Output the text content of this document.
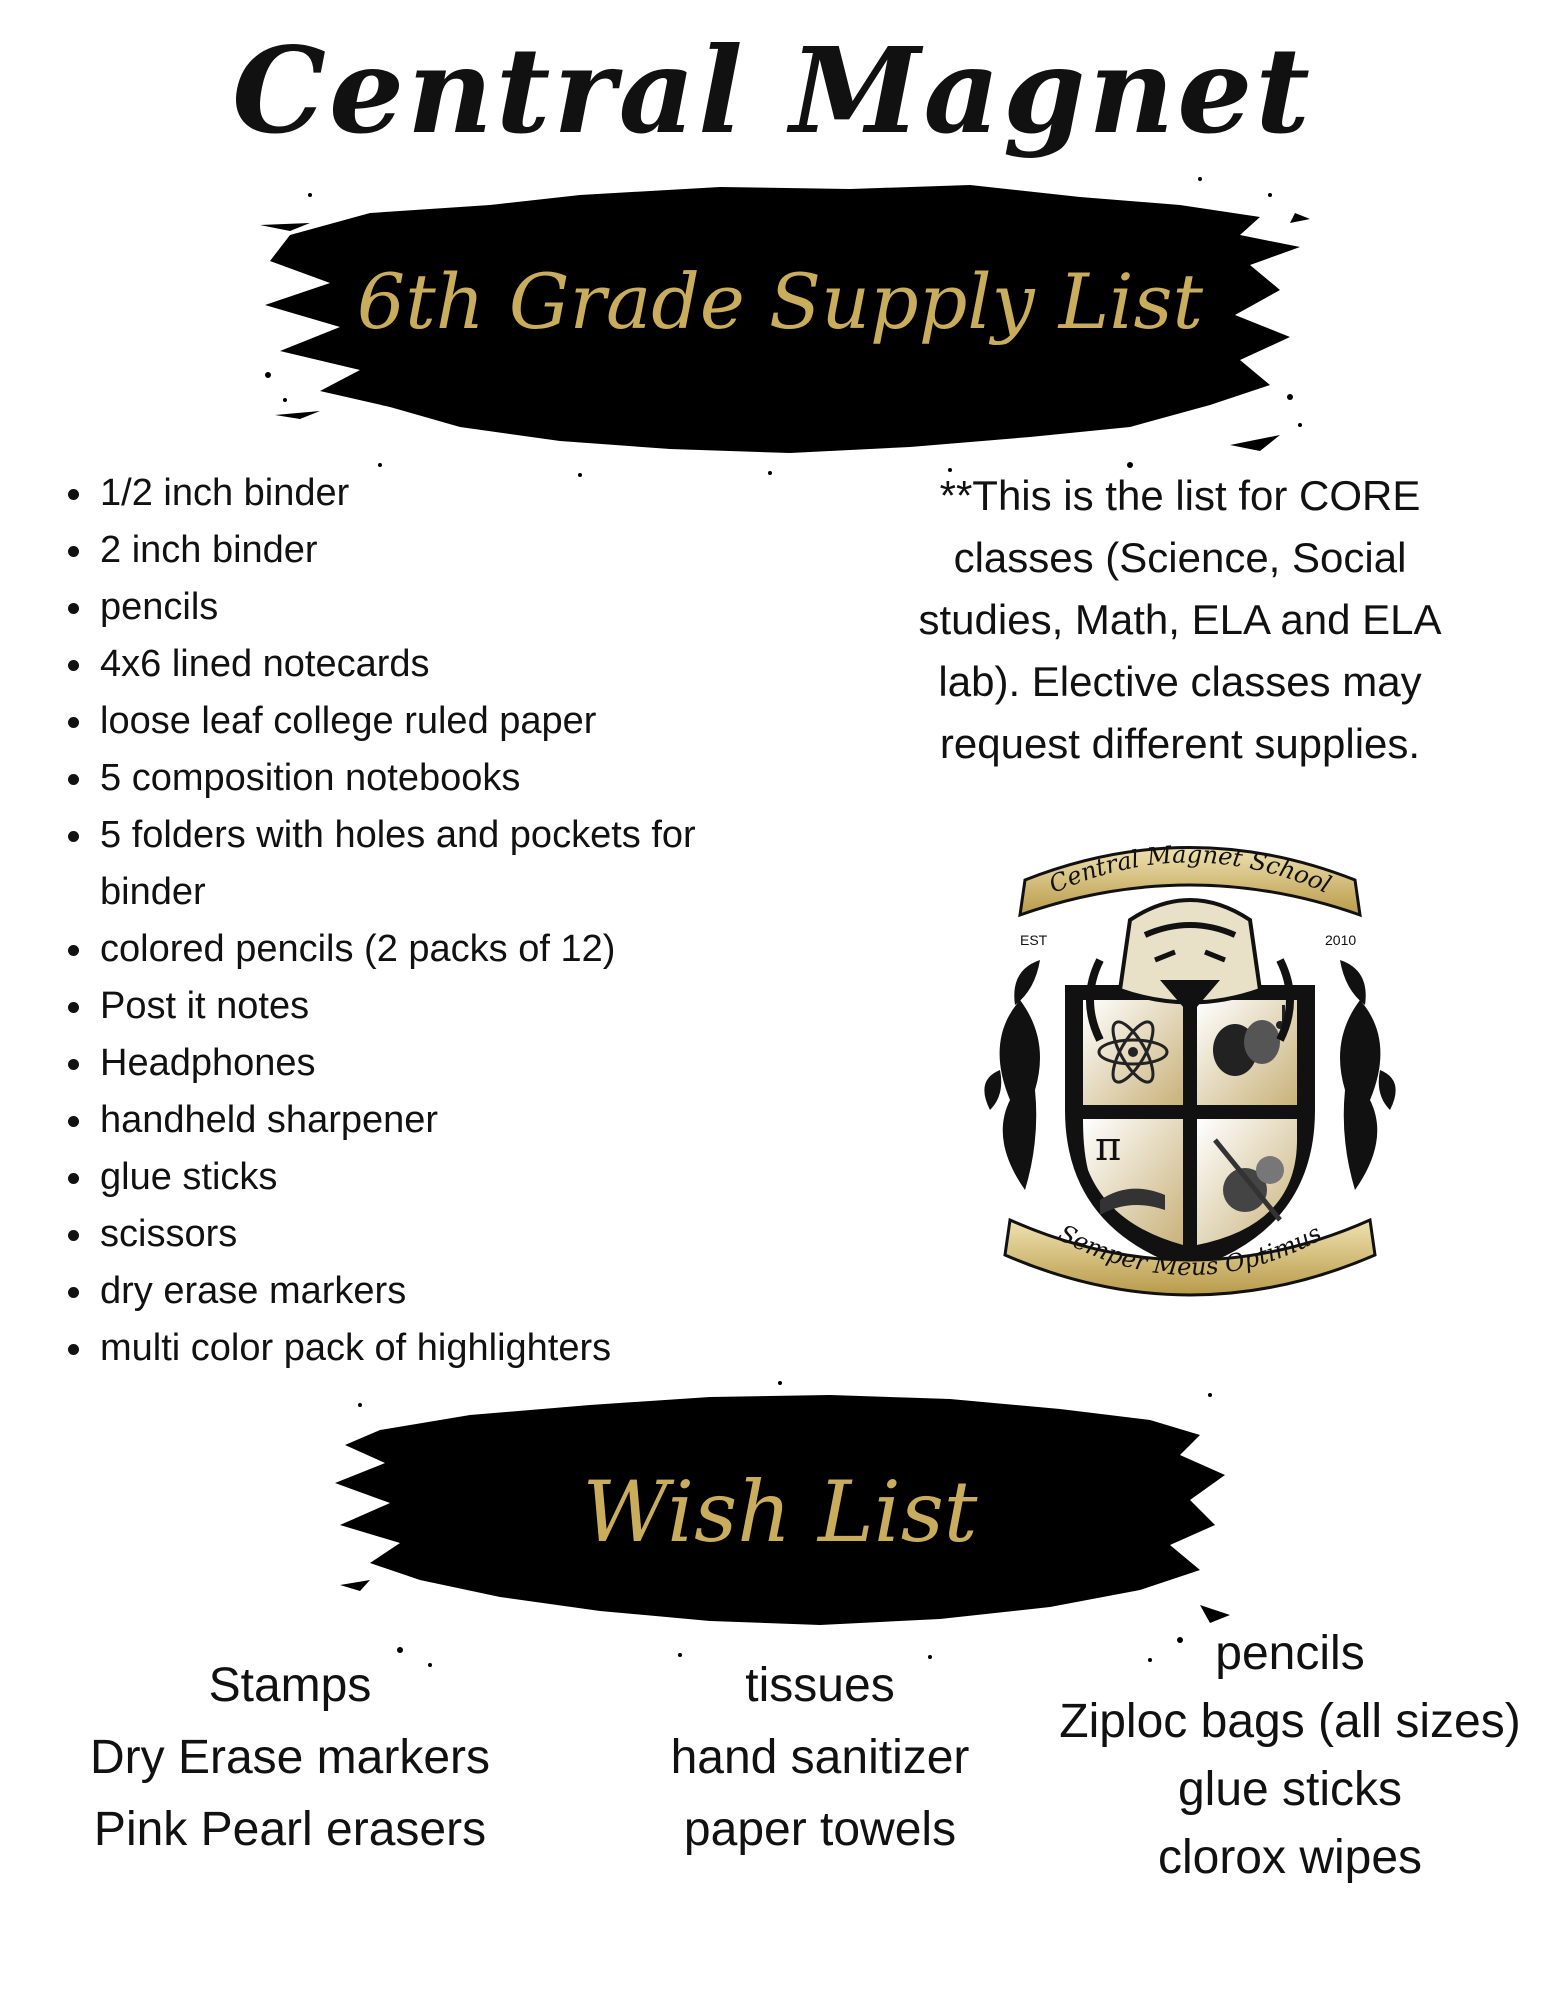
Central Magnet
6th Grade Supply List
1/2 inch binder
2 inch binder
pencils
4x6 lined notecards
loose leaf college ruled paper
5 composition notebooks
5 folders with holes and pockets for binder
colored pencils (2 packs of 12)
Post it notes
Headphones
handheld sharpener
glue sticks
scissors
dry erase markers
multi color pack of highlighters
**This is the list for CORE classes (Science, Social studies, Math, ELA and ELA lab). Elective classes may request different supplies.
π
Central Magnet School
EST	2010
Semper Meus Optimus
Wish List
Stamps
Dry Erase markers
Pink Pearl erasers
tissues
hand sanitizer
paper towels
pencils
Ziploc bags (all sizes)
glue sticks
clorox wipes
